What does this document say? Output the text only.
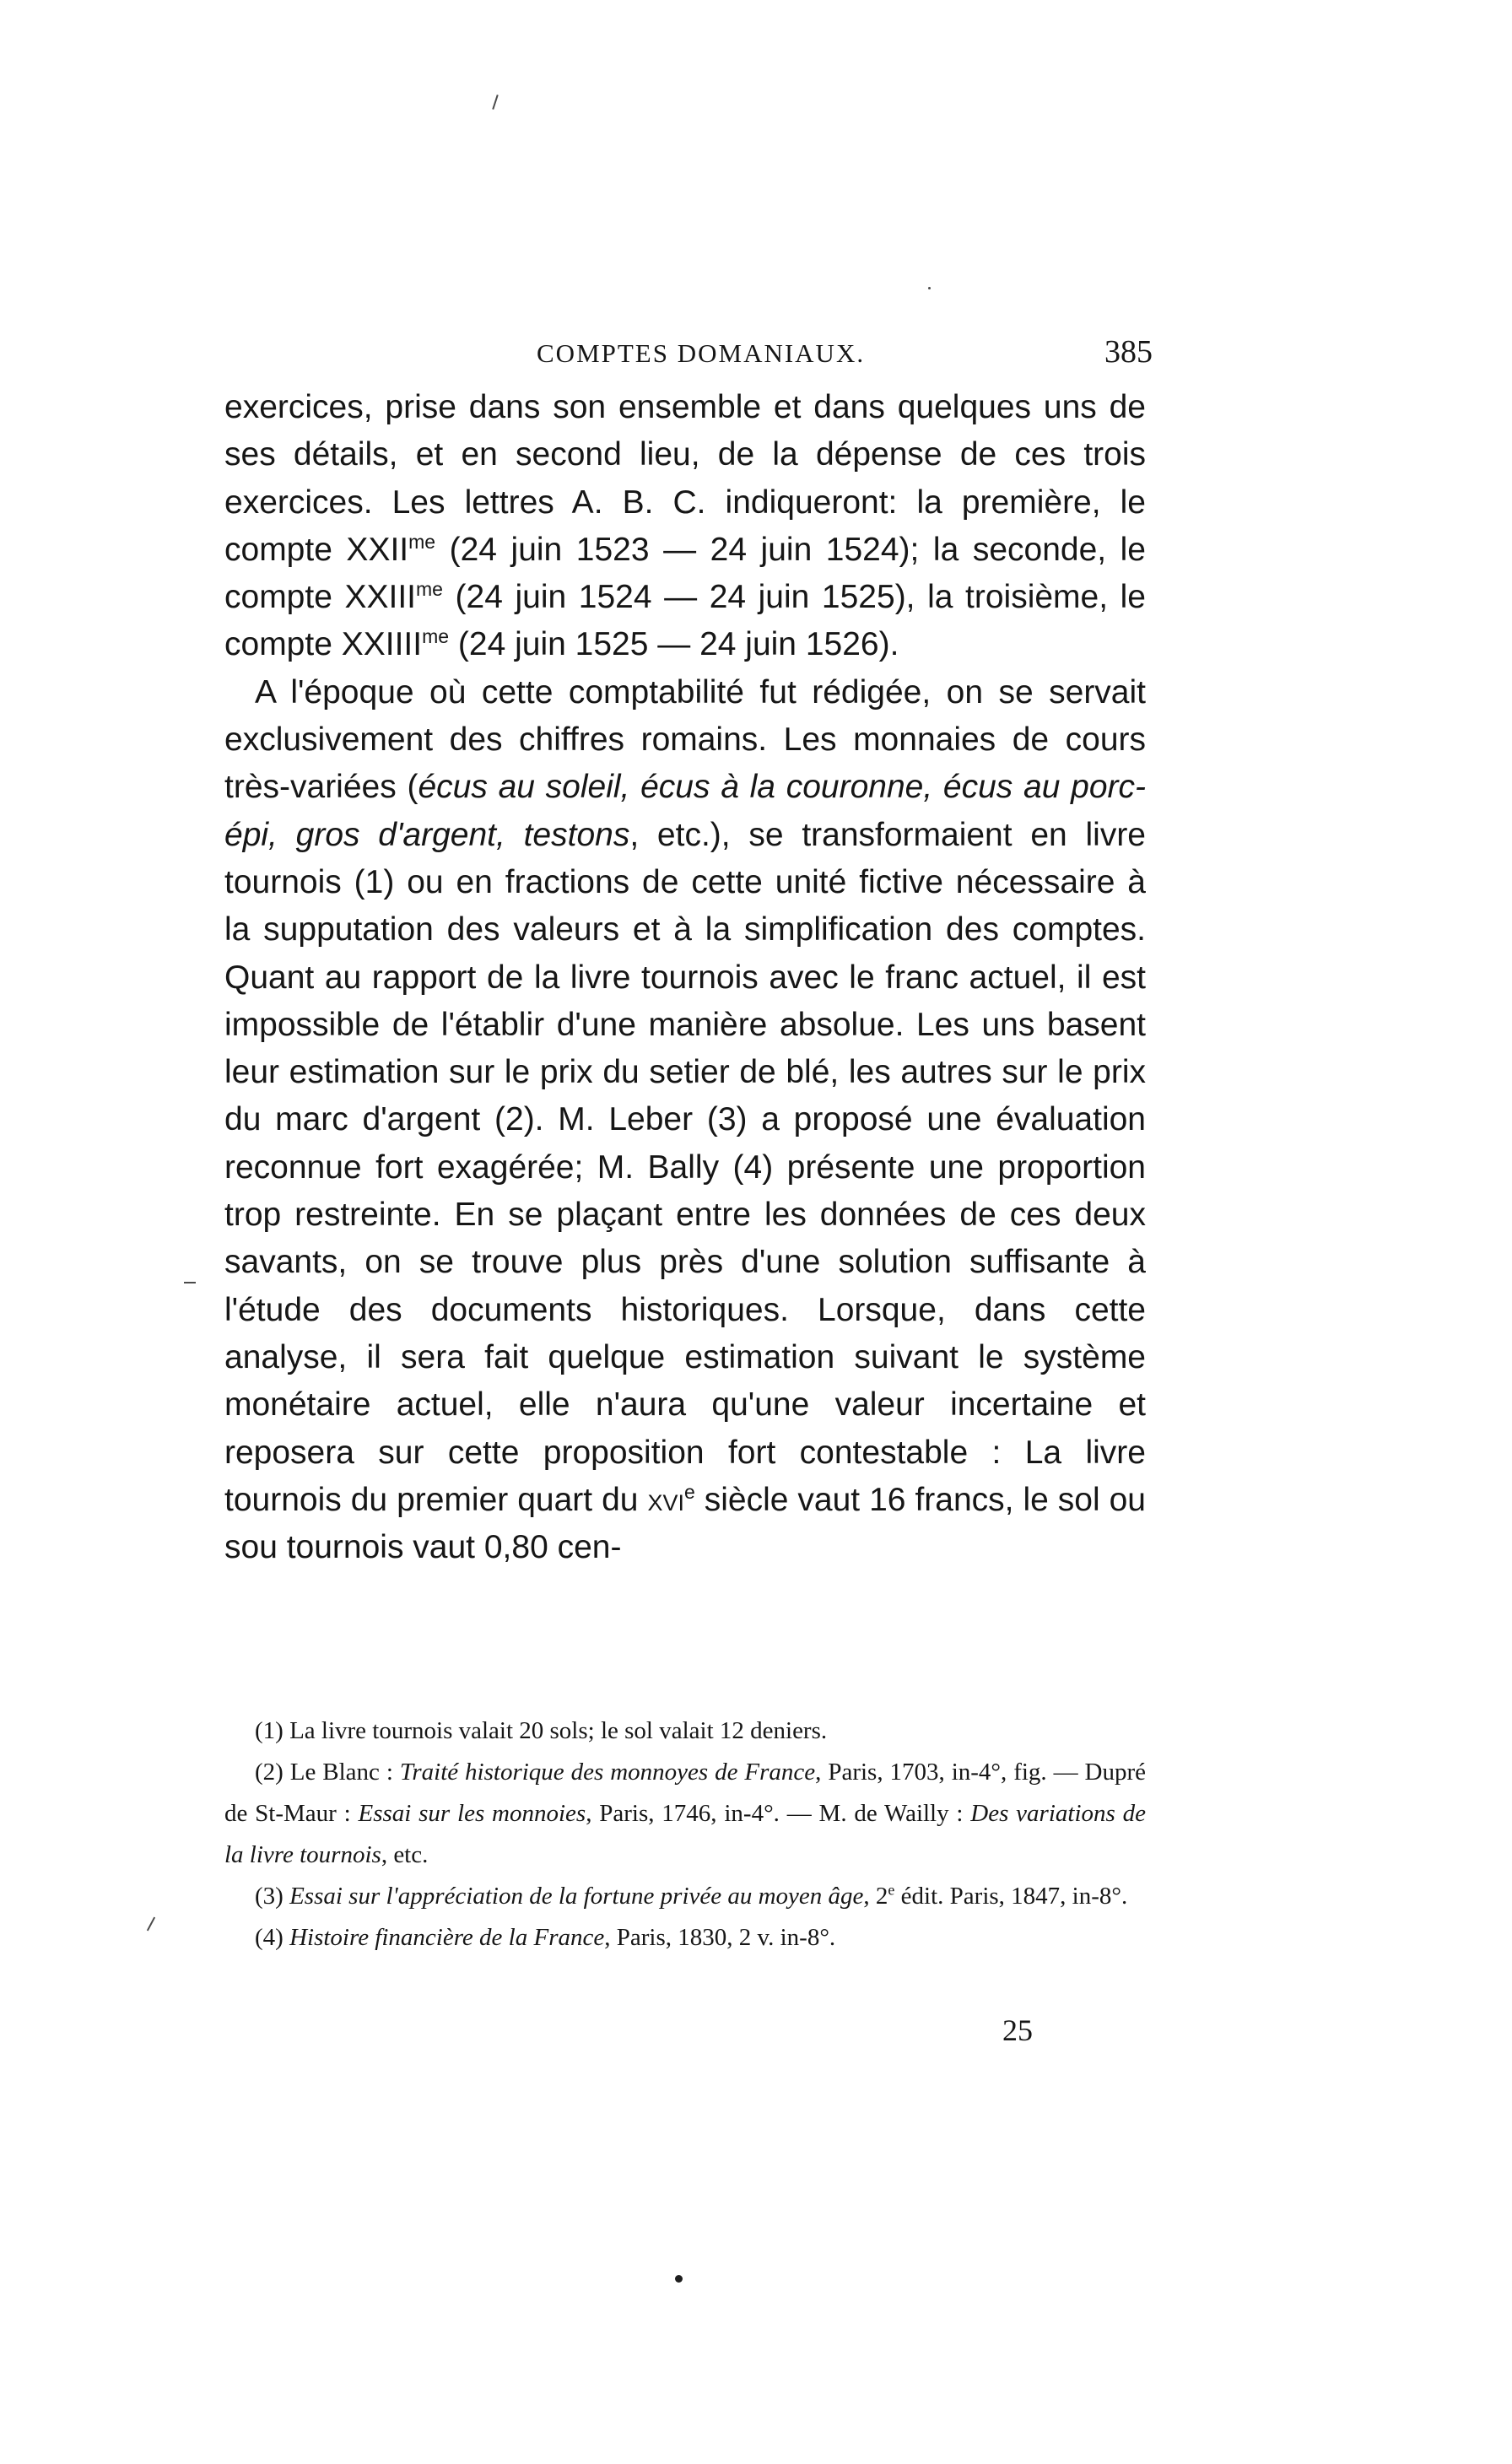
COMPTES DOMANIAUX.	385

exercices, prise dans son ensemble et dans quelques uns de ses détails, et en second lieu, de la dépense de ces trois exercices. Les lettres A. B. C. indiqueront: la première, le compte $XXII^{me}$ (24 juin 1523 — 24 juin 1524); la seconde, le compte $XXIII^{me}$ (24 juin 1524 — 24 juin 1525), la troisième, le compte $XXIIII^{me}$ (24 juin 1525 — 24 juin 1526).

A l'époque où cette comptabilité fut rédigée, on se servait exclusivement des chiffres romains. Les monnaies de cours très-variées (écus au soleil, écus à la couronne, écus au porc-épi, gros d'argent, testons, etc.), se transformaient en livre tournois (1) ou en fractions de cette unité fictive nécessaire à la supputation des valeurs et à la simplification des comptes. Quant au rapport de la livre tournois avec le franc actuel, il est impossible de l'établir d'une manière absolue. Les uns basent leur estimation sur le prix du setier de blé, les autres sur le prix du marc d'argent (2). M. Leber (3) a proposé une évaluation reconnue fort exagérée; M. Bally (4) présente une proportion trop restreinte. En se plaçant entre les données de ces deux savants, on se trouve plus près d'une solution suffisante à l'étude des documents historiques. Lorsque, dans cette analyse, il sera fait quelque estimation suivant le système monétaire actuel, elle n'aura qu'une valeur incertaine et reposera sur cette proposition fort contestable : La livre tournois du premier quart du xvi$^e$ siècle vaut 16 francs, le sol ou sou tournois vaut 0,80 cen-

(1) La livre tournois valait 20 sols; le sol valait 12 deniers.

(2) Le Blanc : Traité historique des monnoyes de France, Paris, 1703, in-4°, fig. — Dupré de St-Maur : Essai sur les monnoies, Paris, 1746, in-4°. — M. de Wailly : Des variations de la livre tournois, etc.

(3) Essai sur l'appréciation de la fortune privée au moyen âge, 2e édit. Paris, 1847, in-8°.

(4) Histoire financière de la France, Paris, 1830, 2 v. in-8°.

25
